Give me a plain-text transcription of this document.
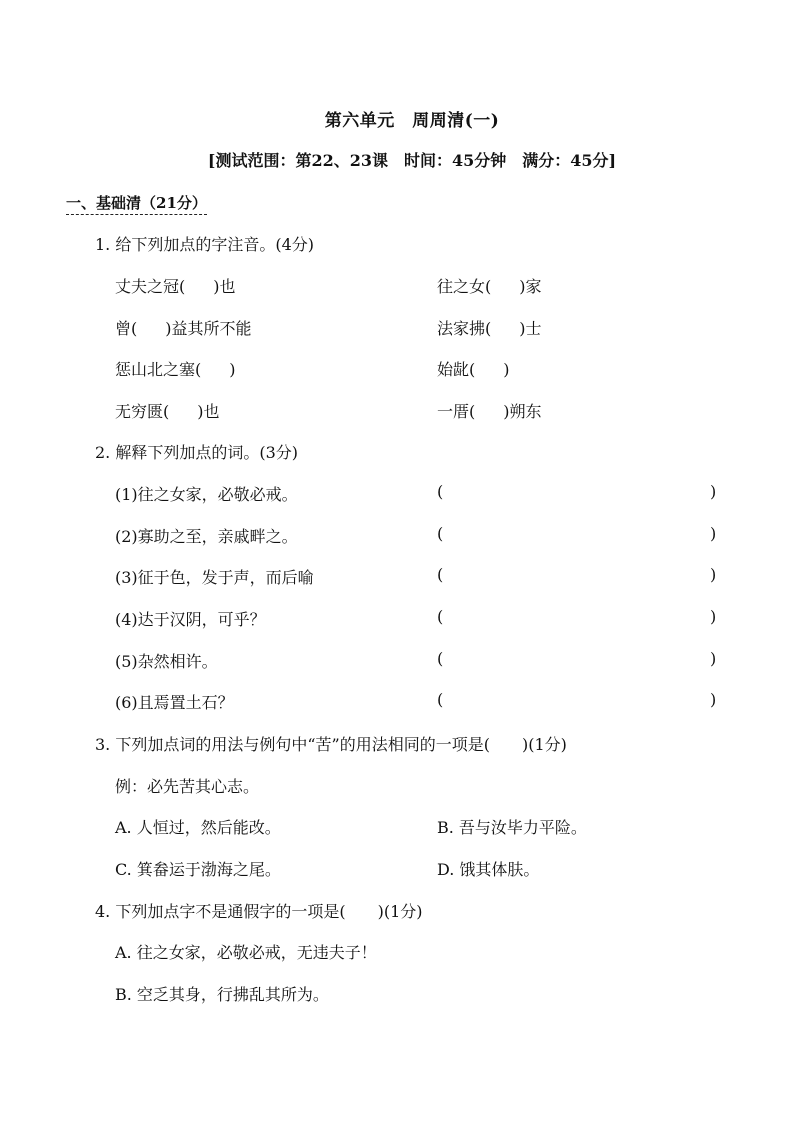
第六单元　周周清(一)
[测试范围：第22、23课　时间：45分钟　满分：45分]
一、基础清（21分）
1. 给下列加点的字注音。(4分)
丈夫之冠( )也	往之女( )家
曾( )益其所不能	法家拂( )士
惩山北之塞( )	始龀( )
无穷匮( )也	一厝( )朔东
2. 解释下列加点的词。(3分)
(1)往之女家，必敬必戒。	(	)
(2)寡助之至，亲戚畔之。	(	)
(3)征于色，发于声，而后喻	(	)
(4)达于汉阴，可乎？	(	)
(5)杂然相许。	(	)
(6)且焉置土石？	(	)
3. 下列加点词的用法与例句中“苦”的用法相同的一项是(　　)(1分)
例：必先苦其心志。
A. 人恒过，然后能改。	B. 吾与汝毕力平险。
C. 箕畚运于渤海之尾。	D. 饿其体肤。
4. 下列加点字不是通假字的一项是(　　)(1分)
A. 往之女家，必敬必戒，无违夫子！
B. 空乏其身，行拂乱其所为。
